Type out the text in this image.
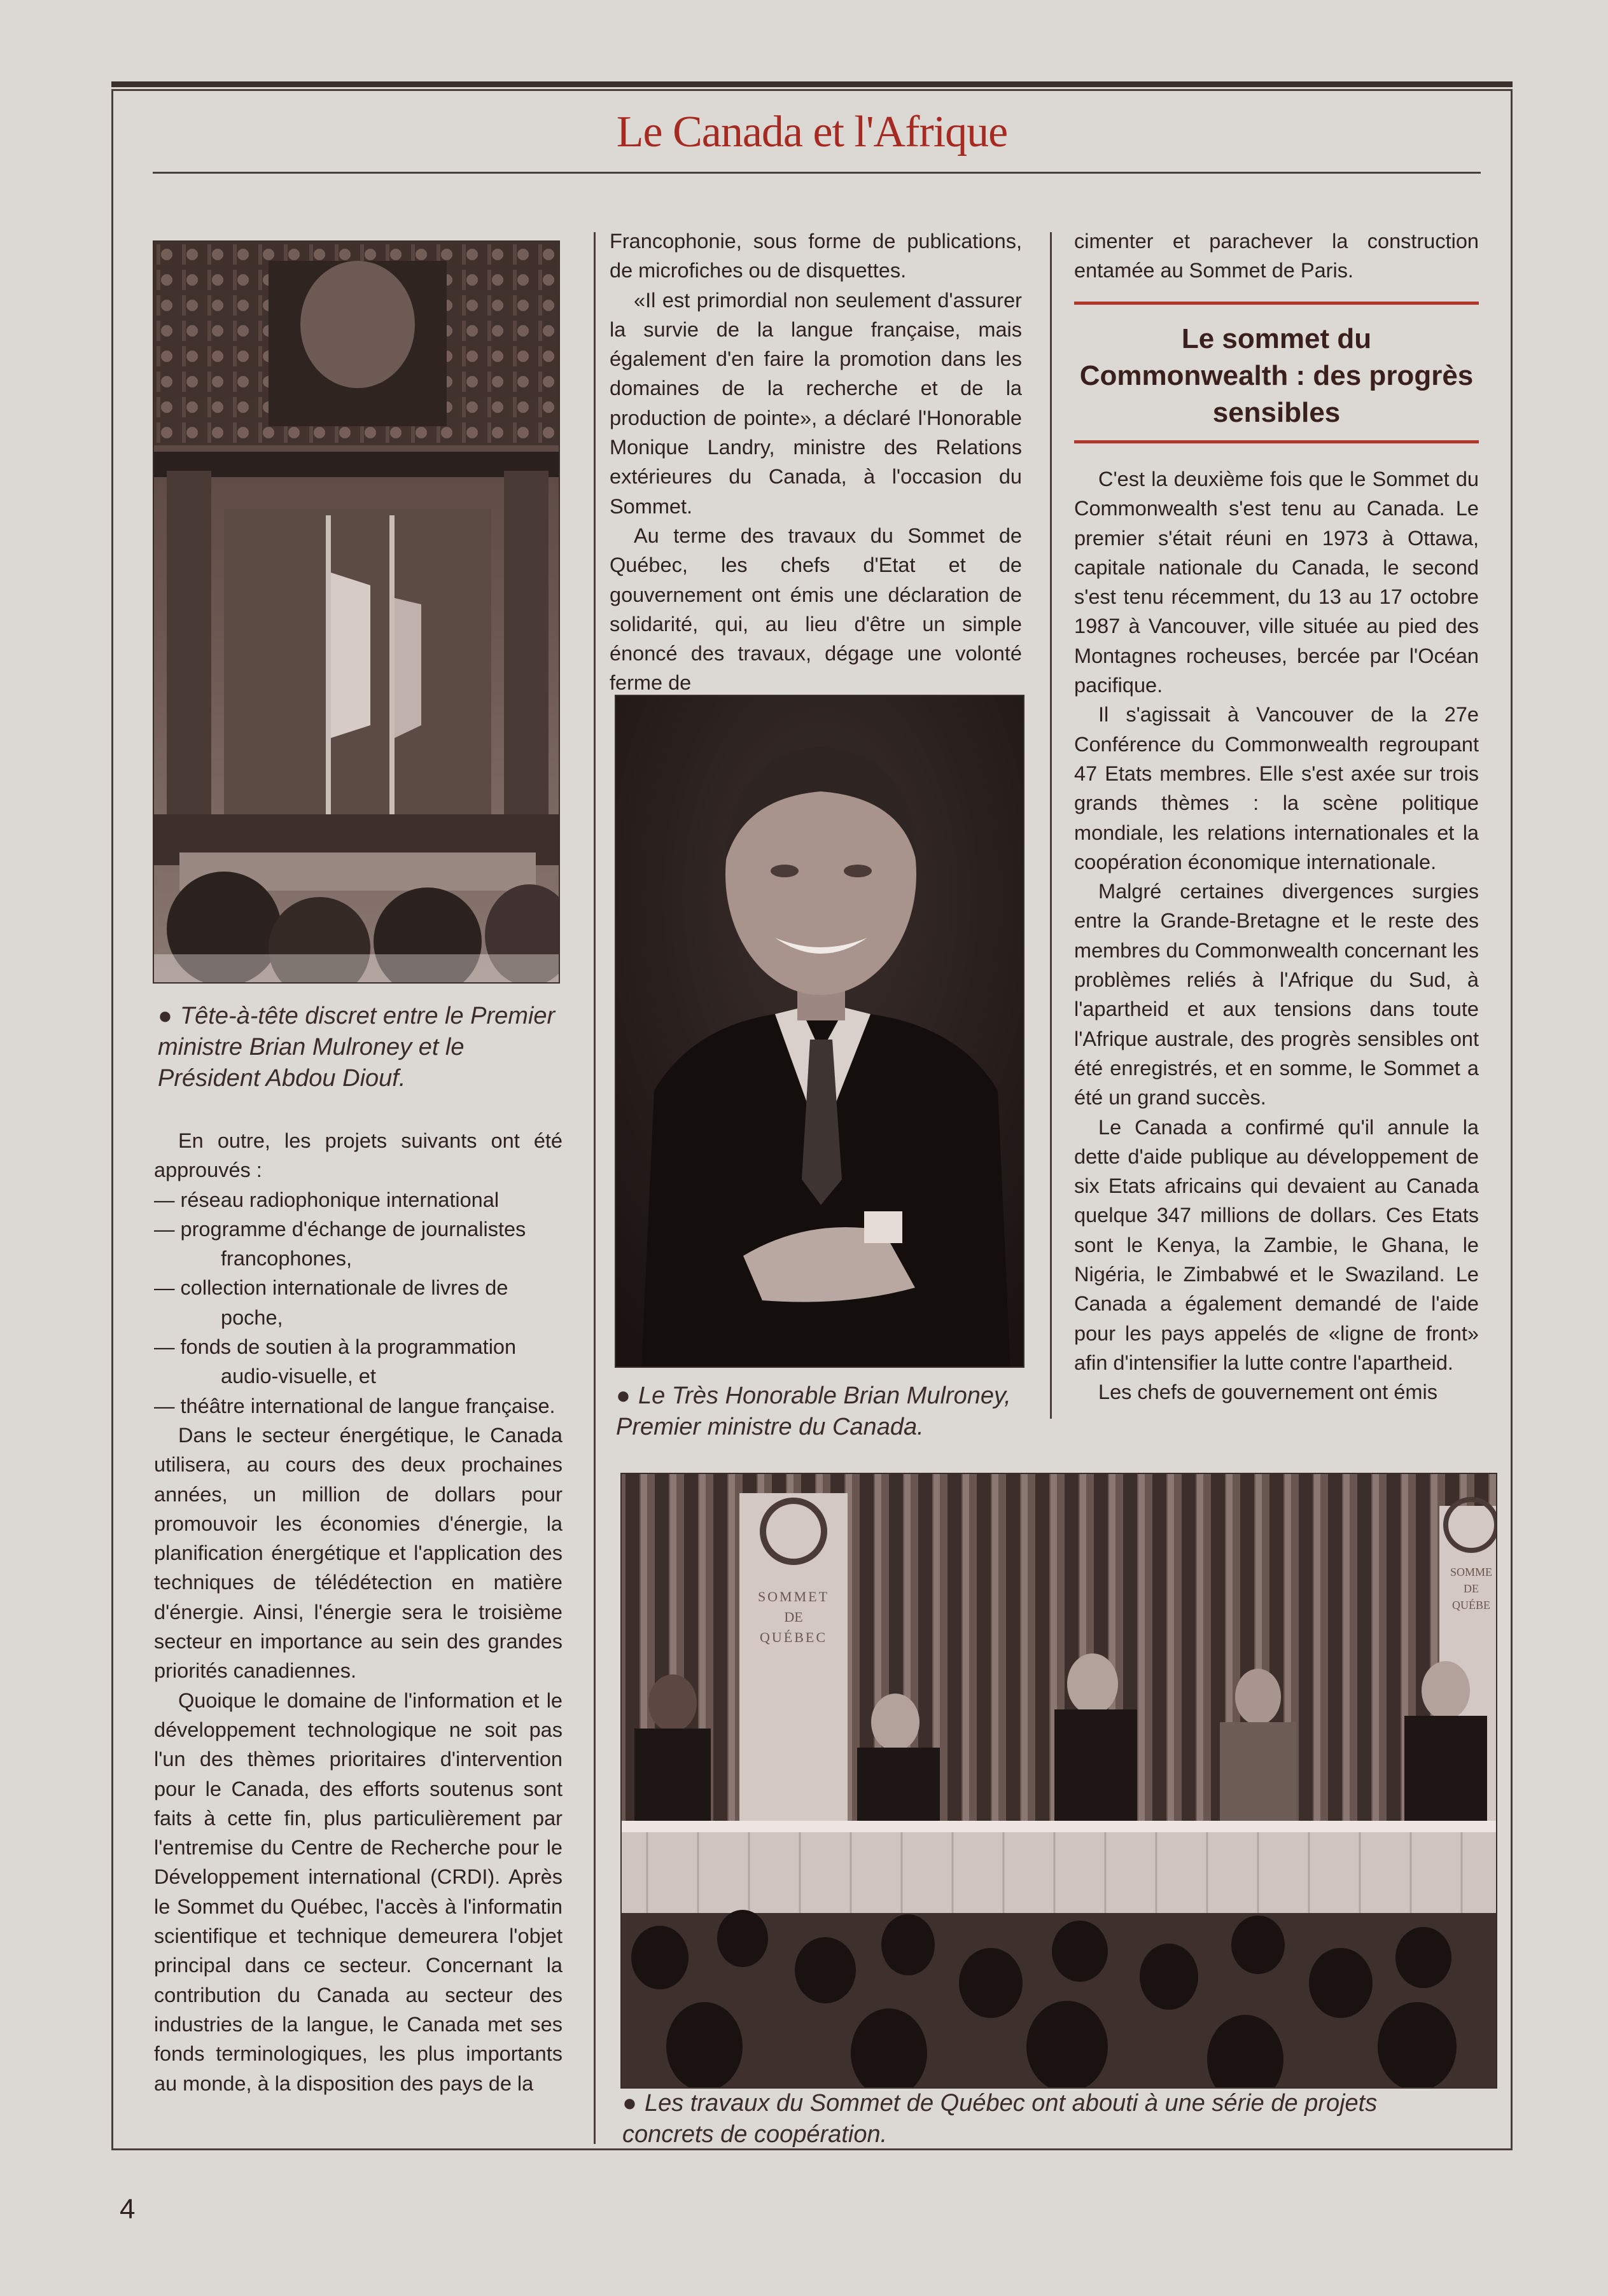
Le Canada et l'Afrique
● Tête-à-tête discret entre le Premier ministre Brian Mulroney et le Président Abdou Diouf.

En outre, les projets suivants ont été approuvés :

— réseau radiophonique international
— programme d'échange de journalistes francophones,
— collection internationale de livres de poche,
— fonds de soutien à la programmation audio-visuelle, et
— théâtre international de langue française.

Dans le secteur énergétique, le Canada utilisera, au cours des deux prochaines années, un million de dollars pour promouvoir les économies d'énergie, la planification énergétique et l'application des techniques de télédétection en matière d'énergie. Ainsi, l'énergie sera le troisième secteur en importance au sein des grandes priorités canadiennes.

Quoique le domaine de l'information et le développement technologique ne soit pas l'un des thèmes prioritaires d'intervention pour le Canada, des efforts soutenus sont faits à cette fin, plus particulièrement par l'entremise du Centre de Recherche pour le Développement international (CRDI). Après le Sommet du Québec, l'accès à l'informatin scientifique et technique demeurera l'objet principal dans ce secteur. Concernant la contribution du Canada au secteur des industries de la langue, le Canada met ses fonds terminologiques, les plus importants au monde, à la disposition des pays de la

Francophonie, sous forme de publications, de microfiches ou de disquettes.

«Il est primordial non seulement d'assurer la survie de la langue française, mais également d'en faire la promotion dans les domaines de la recherche et de la production de pointe», a déclaré l'Honorable Monique Landry, ministre des Relations extérieures du Canada, à l'occasion du Sommet.

Au terme des travaux du Sommet de Québec, les chefs d'Etat et de gouvernement ont émis une déclaration de solidarité, qui, au lieu d'être un simple énoncé des travaux, dégage une volonté ferme de

● Le Très Honorable Brian Mulroney, Premier ministre du Canada.

cimenter et parachever la construction entamée au Sommet de Paris.

Le sommet du Commonwealth : des progrès sensibles

C'est la deuxième fois que le Sommet du Commonwealth s'est tenu au Canada. Le premier s'était réuni en 1973 à Ottawa, capitale nationale du Canada, le second s'est tenu récemment, du 13 au 17 octobre 1987 à Vancouver, ville située au pied des Montagnes rocheuses, bercée par l'Océan pacifique.

Il s'agissait à Vancouver de la 27e Conférence du Commonwealth regroupant 47 Etats membres. Elle s'est axée sur trois grands thèmes : la scène politique mondiale, les relations internationales et la coopération économique internationale.

Malgré certaines divergences surgies entre la Grande-Bretagne et le reste des membres du Commonwealth concernant les problèmes reliés à l'Afrique du Sud, à l'apartheid et aux tensions dans toute l'Afrique australe, des progrès sensibles ont été enregistrés, et en somme, le Sommet a été un grand succès.

Le Canada a confirmé qu'il annule la dette d'aide publique au développement de six Etats africains qui devaient au Canada quelque 347 millions de dollars. Ces Etats sont le Kenya, la Zambie, le Ghana, le Nigéria, le Zimbabwé et le Swaziland. Le Canada a également demandé de l'aide pour les pays appelés de «ligne de front» afin d'intensifier la lutte contre l'apartheid.

Les chefs de gouvernement ont émis

SOMMET
DE
QUÉBEC
SOMME
DE
QUÉBE
● Les travaux du Sommet de Québec ont abouti à une série de projets concrets de coopération.
4
